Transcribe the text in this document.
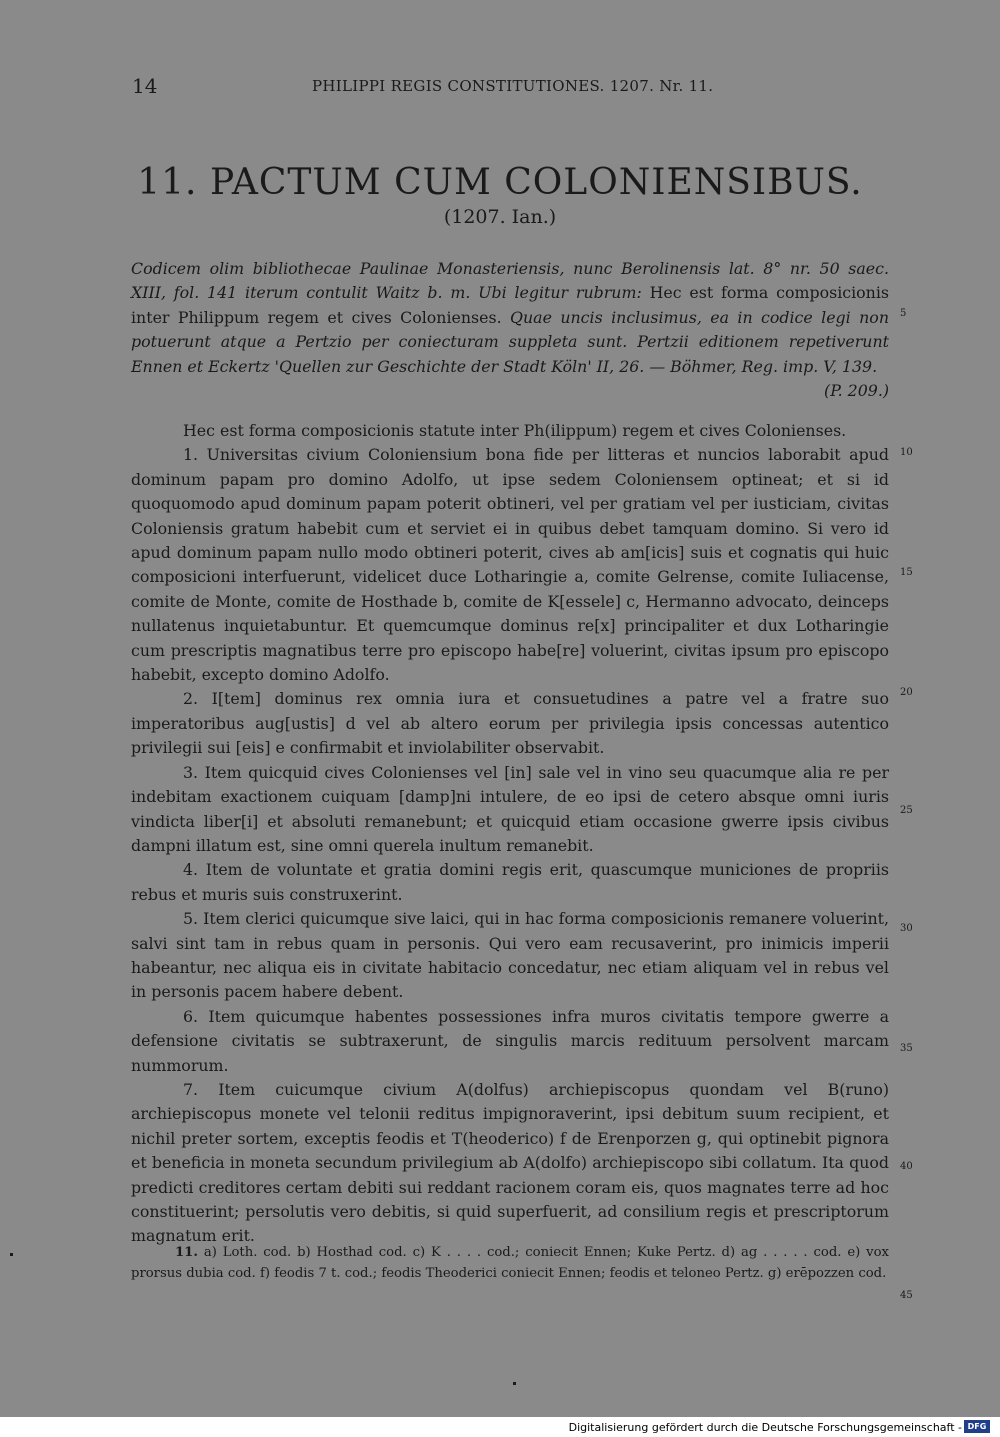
14	PHILIPPI REGIS CONSTITUTIONES. 1207. Nr. 11.
11. PACTUM CUM COLONIENSIBUS.
(1207. Ian.)
Codicem olim bibliothecae Paulinae Monasteriensis, nunc Berolinensis lat. 8° nr. 50 saec. XIII, fol. 141 iterum contulit Waitz b. m. Ubi legitur rubrum: Hec est forma composicionis inter Philippum regem et cives Colonienses. Quae uncis inclusimus, ea in codice legi non potuerunt atque a Pertzio per coniecturam suppleta sunt. Pertzii editionem repetiverunt Ennen et Eckertz 'Quellen zur Geschichte der Stadt Köln' II, 26. — Böhmer, Reg. imp. V, 139.
(P. 209.)

Hec est forma composicionis statute inter Ph(ilippum) regem et cives Colonienses.

1. Universitas civium Coloniensium bona fide per litteras et nuncios laborabit apud dominum papam pro domino Adolfo, ut ipse sedem Coloniensem optineat; et si id quoquomodo apud dominum papam poterit obtineri, vel per gratiam vel per iusticiam, civitas Coloniensis gratum habebit cum et serviet ei in quibus debet tamquam domino. Si vero id apud dominum papam nullo modo obtineri poterit, cives ab am[icis] suis et cognatis qui huic composicioni interfuerunt, videlicet duce Lotharingie a, comite Gelrense, comite Iuliacense, comite de Monte, comite de Hosthade b, comite de K[essele] c, Hermanno advocato, deinceps nullatenus inquietabuntur. Et quemcumque dominus re[x] principaliter et dux Lotharingie cum prescriptis magnatibus terre pro episcopo habe[re] voluerint, civitas ipsum pro episcopo habebit, excepto domino Adolfo.

2. I[tem] dominus rex omnia iura et consuetudines a patre vel a fratre suo imperatoribus aug[ustis] d vel ab altero eorum per privilegia ipsis concessas autentico privilegii sui [eis] e confirmabit et inviolabiliter observabit.

3. Item quicquid cives Colonienses vel [in] sale vel in vino seu quacumque alia re per indebitam exactionem cuiquam [damp]ni intulere, de eo ipsi de cetero absque omni iuris vindicta liber[i] et absoluti remanebunt; et quicquid etiam occasione gwerre ipsis civibus dampni illatum est, sine omni querela inultum remanebit.

4. Item de voluntate et gratia domini regis erit, quascumque municiones de propriis rebus et muris suis construxerint.

5. Item clerici quicumque sive laici, qui in hac forma composicionis remanere voluerint, salvi sint tam in rebus quam in personis. Qui vero eam recusaverint, pro inimicis imperii habeantur, nec aliqua eis in civitate habitacio concedatur, nec etiam aliquam vel in rebus vel in personis pacem habere debent.

6. Item quicumque habentes possessiones infra muros civitatis tempore gwerre a defensione civitatis se subtraxerunt, de singulis marcis redituum persolvent marcam nummorum.

7. Item cuicumque civium A(dolfus) archiepiscopus quondam vel B(runo) archiepiscopus monete vel telonii reditus impignoraverint, ipsi debitum suum recipient, et nichil preter sortem, exceptis feodis et T(heoderico) f de Erenporzen g, qui optinebit pignora et beneficia in moneta secundum privilegium ab A(dolfo) archiepiscopo sibi collatum. Ita quod predicti creditores certam debiti sui reddant racionem coram eis, quos magnates terre ad hoc constituerint; persolutis vero debitis, si quid superfuerit, ad consilium regis et prescriptorum magnatum erit.

5
10
15
20
25
30
35
40
45
11. a) Loth. cod. b) Hosthad cod. c) K . . . . cod.; coniecit Ennen; Kuke Pertz. d) ag . . . . . cod. e) vox prorsus dubia cod. f) feodis 7 t. cod.; feodis Theoderici coniecit Ennen; feodis et teloneo Pertz. g) erēpozzen cod.
Digitalisierung gefördert durch die Deutsche Forschungsgemeinschaft - DFG
